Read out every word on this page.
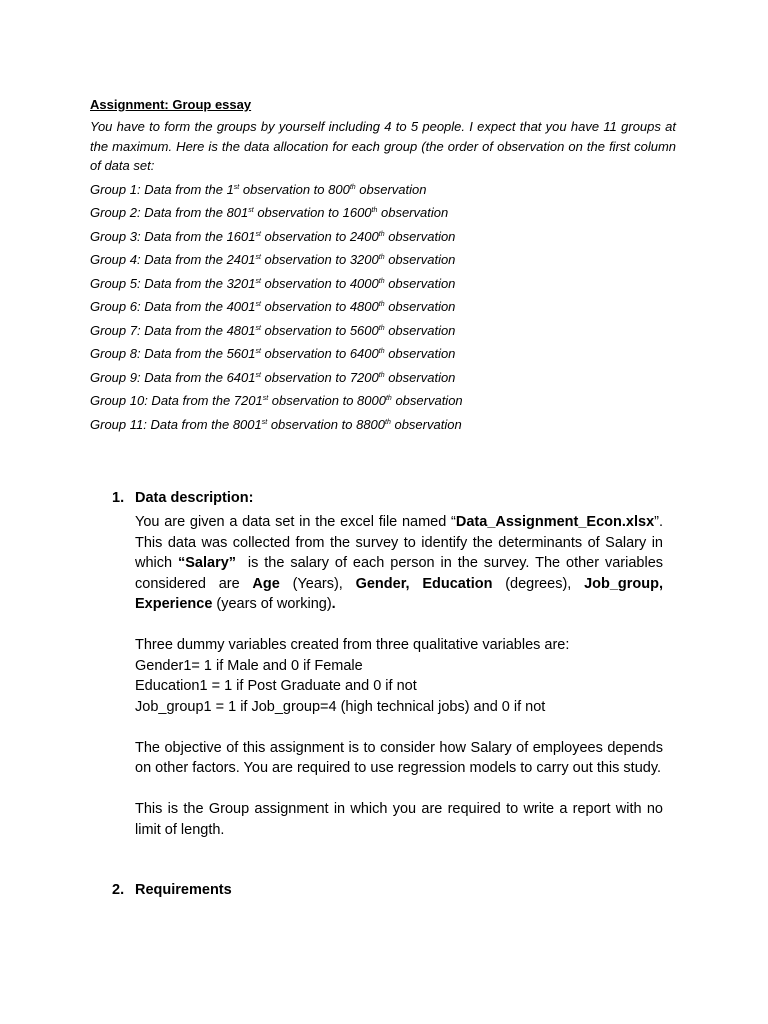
Assignment: Group essay
You have to form the groups by yourself including 4 to 5 people. I expect that you have 11 groups at the maximum. Here is the data allocation for each group (the order of observation on the first column of data set:
Group 1: Data from the 1st observation to 800th observation
Group 2: Data from the 801st observation to 1600th observation
Group 3: Data from the 1601st observation to 2400th observation
Group 4: Data from the 2401st observation to 3200th observation
Group 5: Data from the 3201st observation to 4000th observation
Group 6: Data from the 4001st observation to 4800th observation
Group 7: Data from the 4801st observation to 5600th observation
Group 8: Data from the 5601st observation to 6400th observation
Group 9: Data from the 6401st observation to 7200th observation
Group 10: Data from the 7201st observation to 8000th observation
Group 11: Data from the 8001st observation to 8800th observation
1. Data description:

You are given a data set in the excel file named “Data_Assignment_Econ.xlsx”. This data was collected from the survey to identify the determinants of Salary in which “Salary”  is the salary of each person in the survey. The other variables considered are Age (Years), Gender, Education (degrees), Job_group, Experience (years of working).

Three dummy variables created from three qualitative variables are:

Gender1= 1 if Male and 0 if Female

Education1 = 1 if Post Graduate and 0 if not

Job_group1 = 1 if Job_group=4 (high technical jobs) and 0 if not

The objective of this assignment is to consider how Salary of employees depends on other factors. You are required to use regression models to carry out this study.

This is the Group assignment in which you are required to write a report with no limit of length.

2. Requirements
